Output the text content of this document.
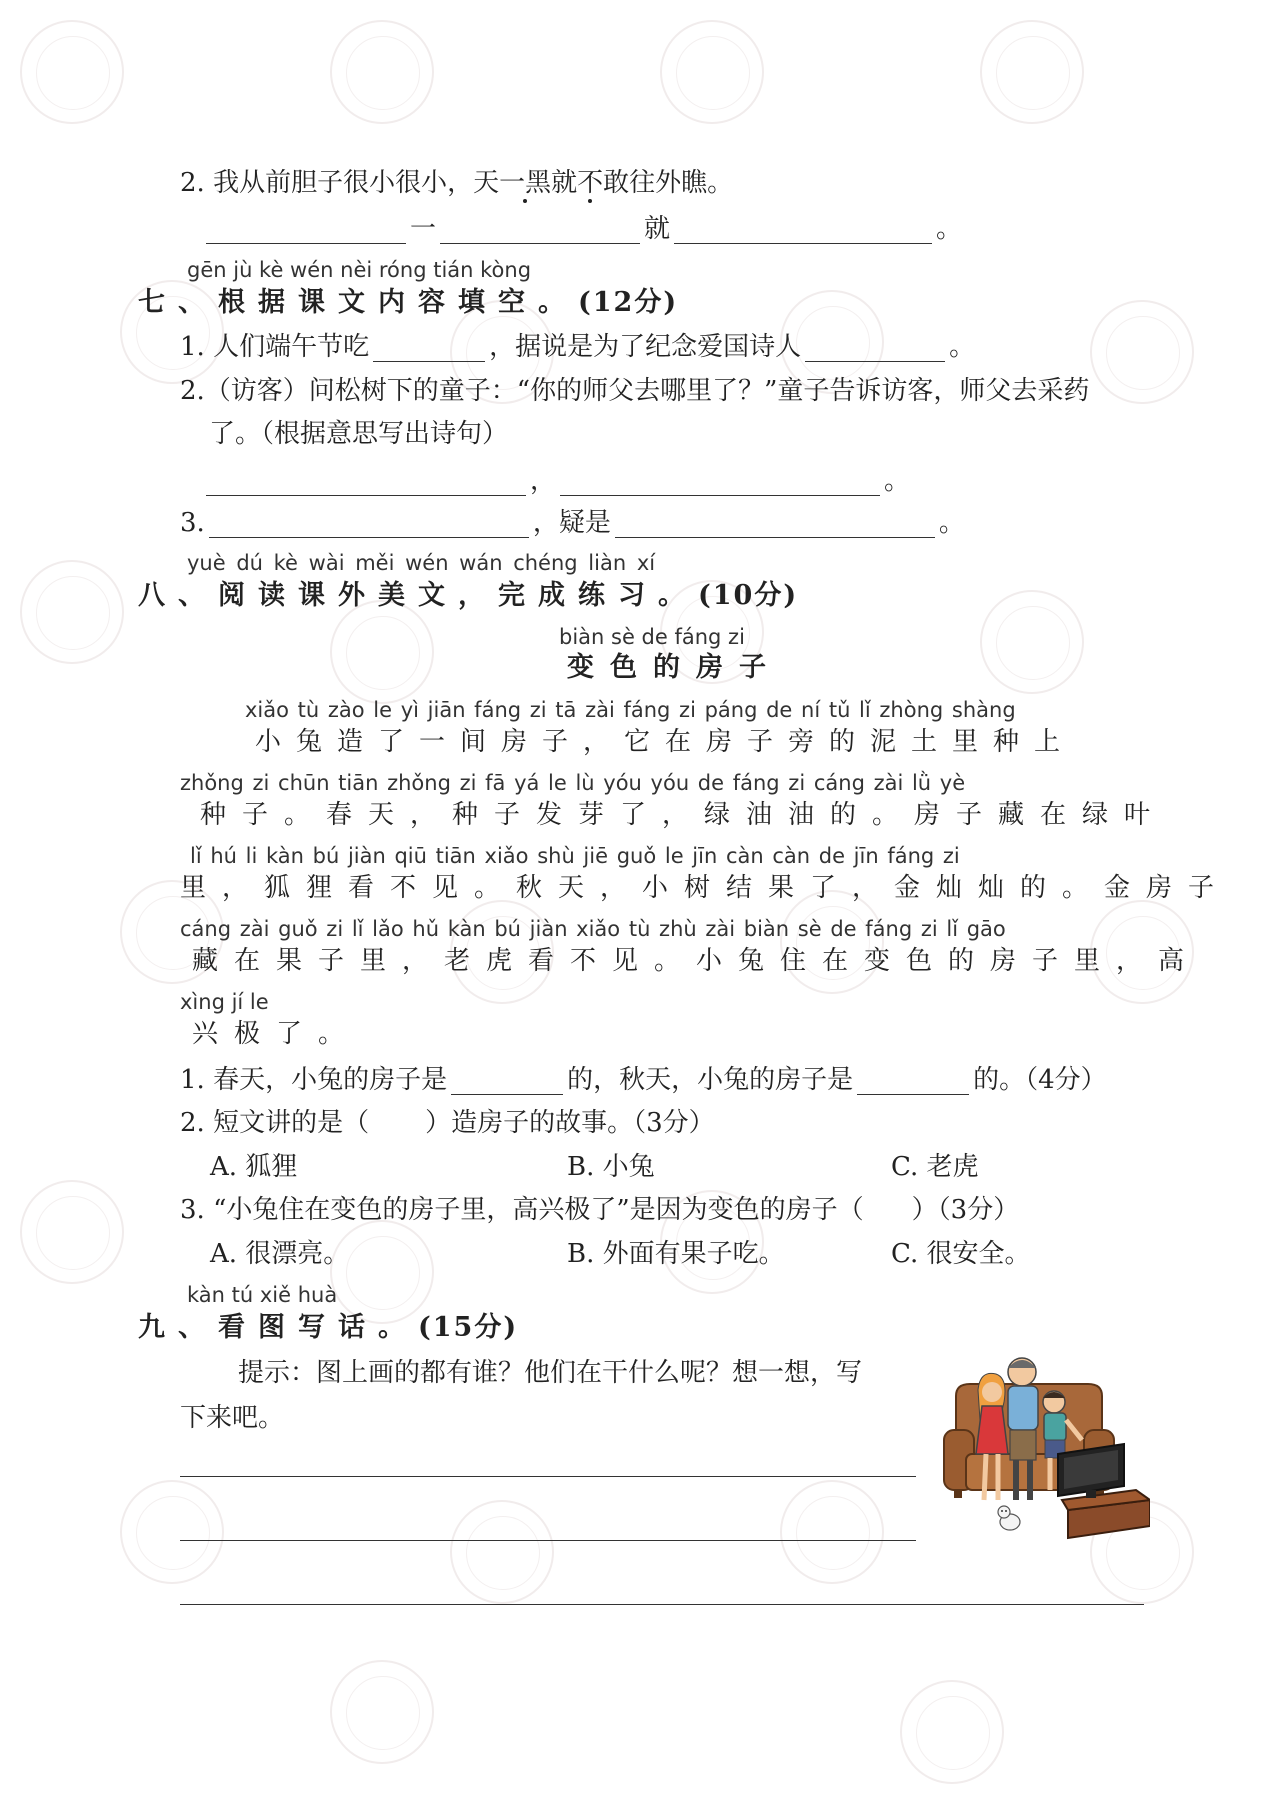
2. 我从前胆子很小很小，天一黑就不敢往外瞧。
一	就	。
gēn jù kè wén nèi róng tián kòng
七、根据课文内容填空。(12分)
1. 人们端午节吃	，据说是为了纪念爱国诗人	。
2.（访客）问松树下的童子：“你的师父去哪里了？”童子告诉访客，师父去采药
了。（根据意思写出诗句）
，	。
3.	，疑是	。
yuè dú kè wài měi wén wán chéng liàn xí
八、阅读课外美文，完成练习。(10分)
biàn sè de fáng zi
变色的房子
xiǎo tù zào le yì jiān fáng zi tā zài fáng zi páng de ní tǔ lǐ zhòng shàng
小兔造了一间房子，它在房子旁的泥土里种上
zhǒng zi chūn tiān zhǒng zi fā yá le lù yóu yóu de fáng zi cáng zài lǜ yè
种子。春天，种子发芽了，绿油油的。房子藏在绿叶
lǐ hú li kàn bú jiàn qiū tiān xiǎo shù jiē guǒ le jīn càn càn de jīn fáng zi
里，狐狸看不见。秋天，小树结果了，金灿灿的。金房子
cáng zài guǒ zi lǐ lǎo hǔ kàn bú jiàn xiǎo tù zhù zài biàn sè de fáng zi lǐ gāo
藏在果子里，老虎看不见。小兔住在变色的房子里，高
xìng jí le
兴极了。
1. 春天，小兔的房子是	的，秋天，小兔的房子是	的。（4分）
2. 短文讲的是（ ）造房子的故事。（3分）
A. 狐狸	B. 小兔	C. 老虎
3. “小兔住在变色的房子里，高兴极了”是因为变色的房子（ ）（3分）
A. 很漂亮。	B. 外面有果子吃。	C. 很安全。
kàn tú xiě huà
九、看图写话。(15分)
提示：图上画的都有谁？他们在干什么呢？想一想，写
下来吧。
